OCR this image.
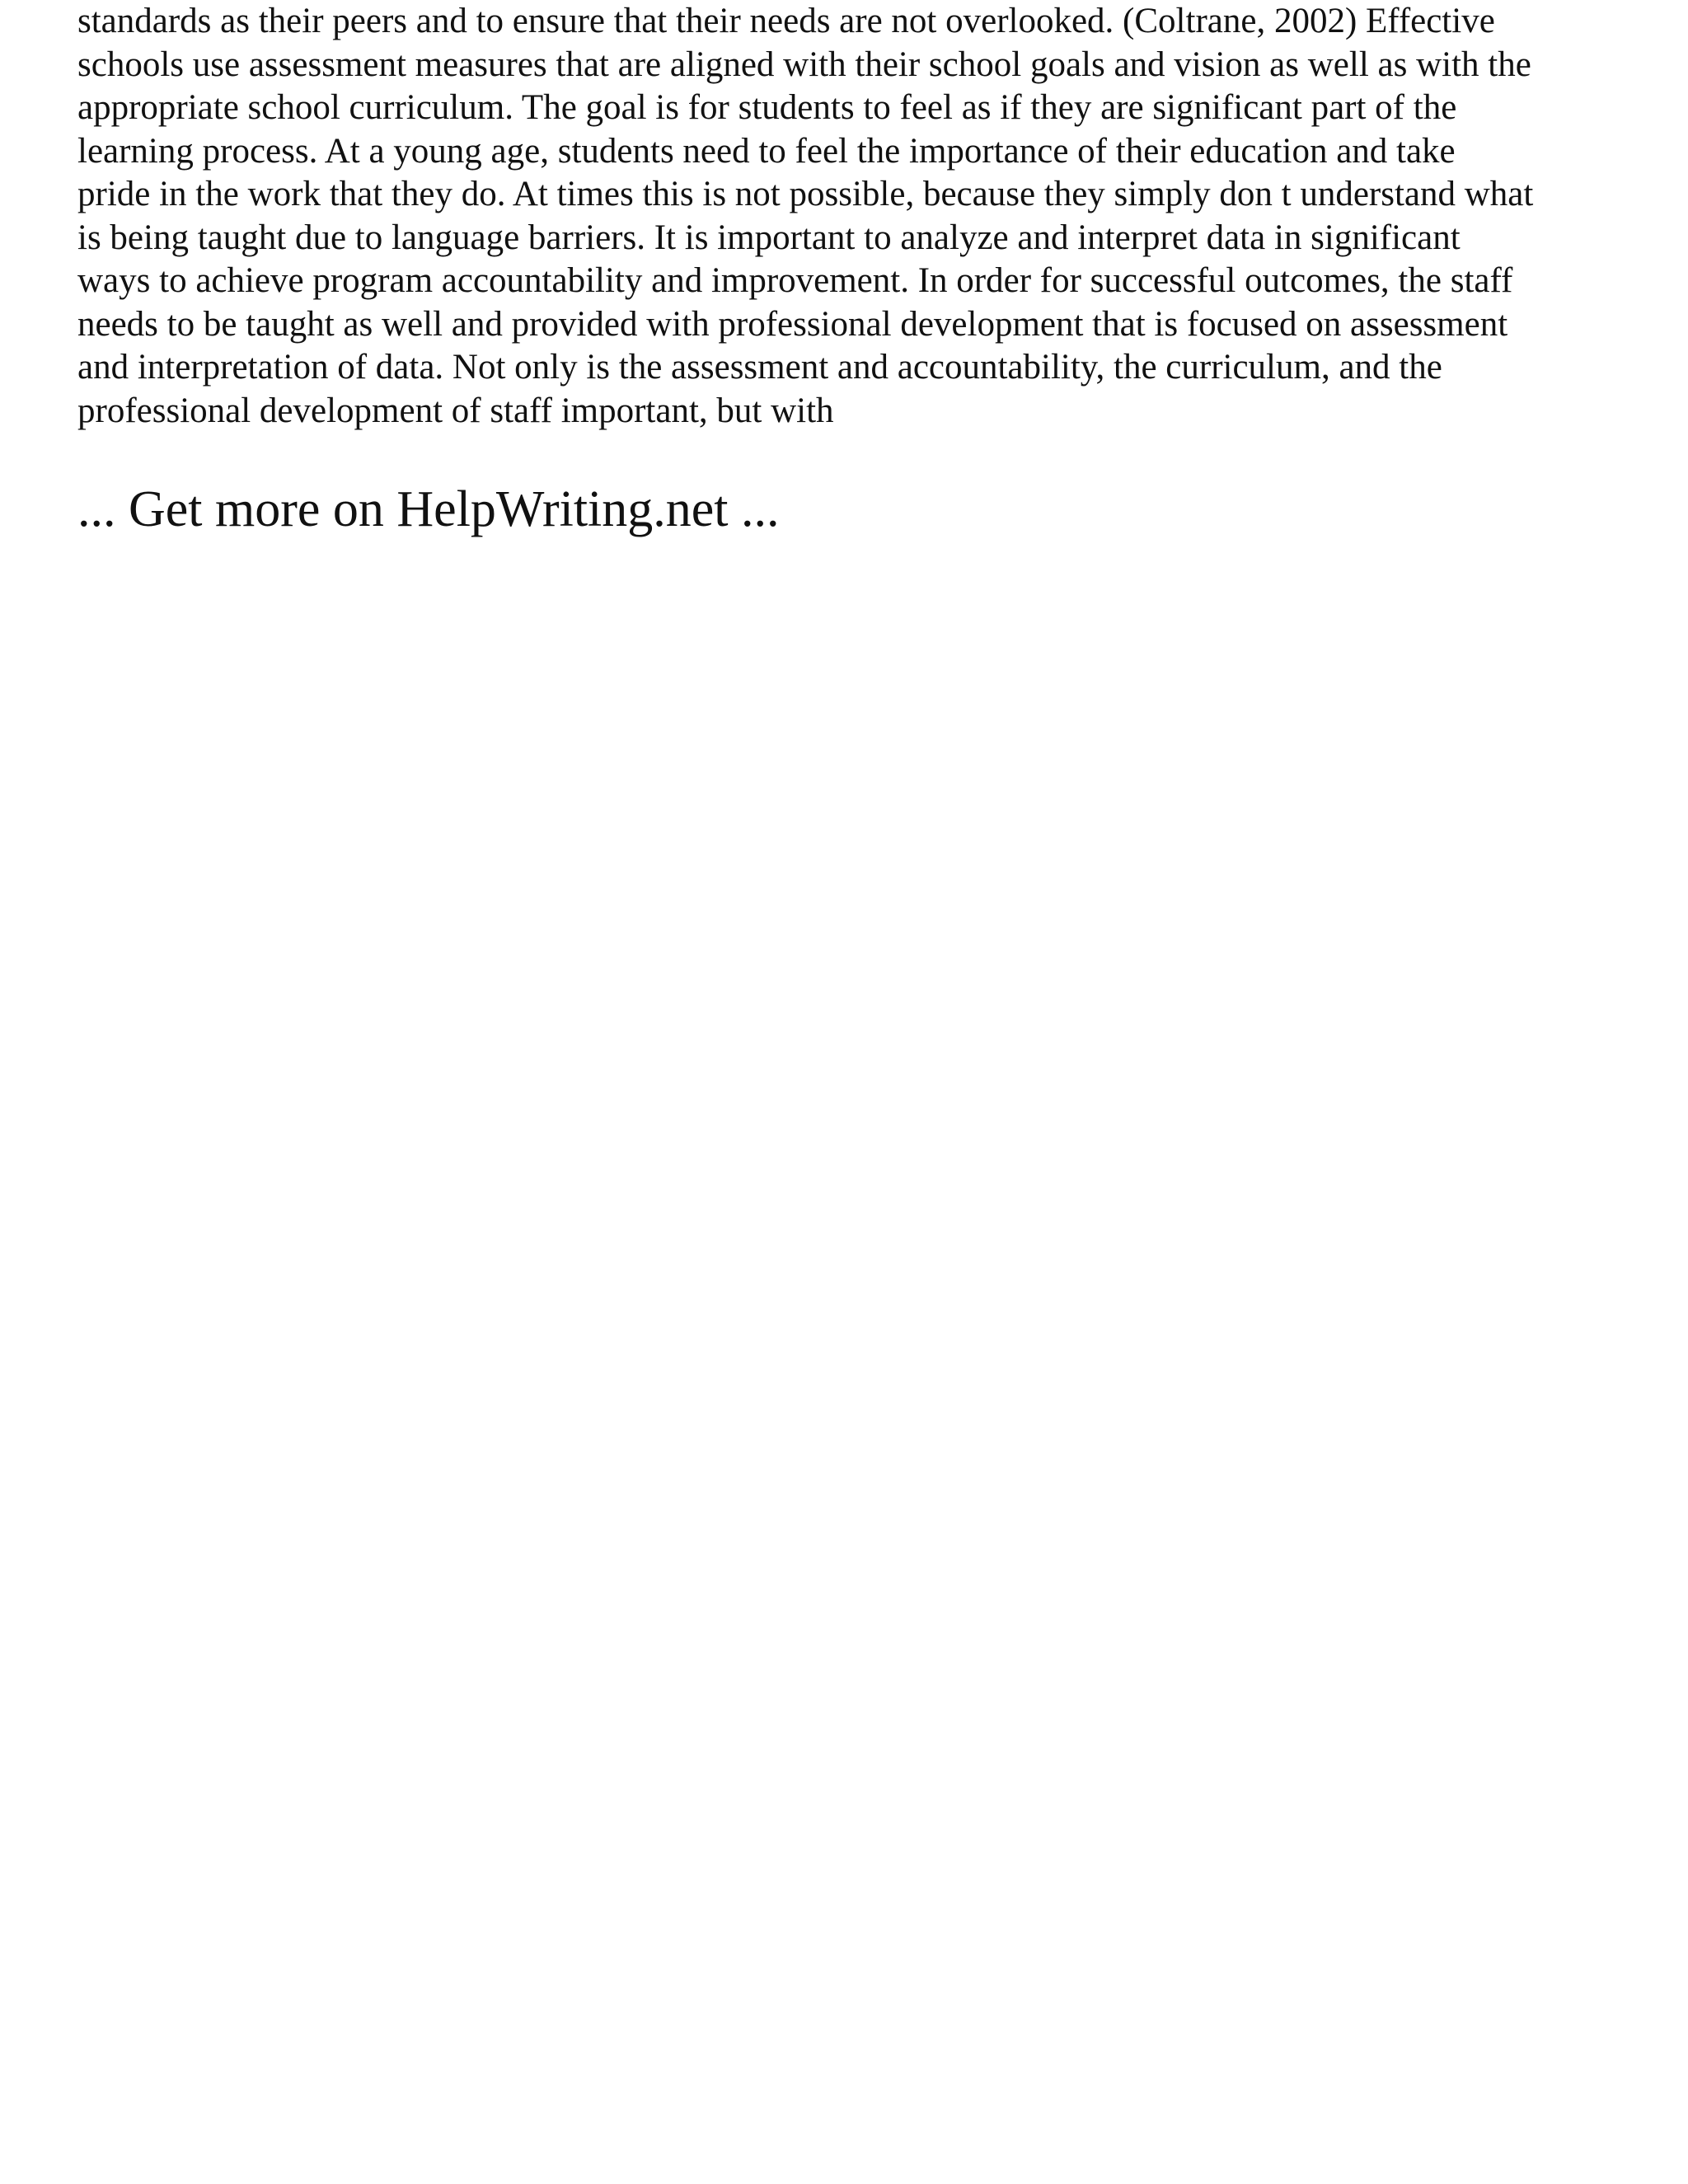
standards as their peers and to ensure that their needs are not overlooked. (Coltrane, 2002) Effective
schools use assessment measures that are aligned with their school goals and vision as well as with the
appropriate school curriculum. The goal is for students to feel as if they are significant part of the
learning process. At a young age, students need to feel the importance of their education and take
pride in the work that they do. At times this is not possible, because they simply don t understand what
is being taught due to language barriers. It is important to analyze and interpret data in significant
ways to achieve program accountability and improvement. In order for successful outcomes, the staff
needs to be taught as well and provided with professional development that is focused on assessment
and interpretation of data. Not only is the assessment and accountability, the curriculum, and the
professional development of staff important, but with

... Get more on HelpWriting.net ...
